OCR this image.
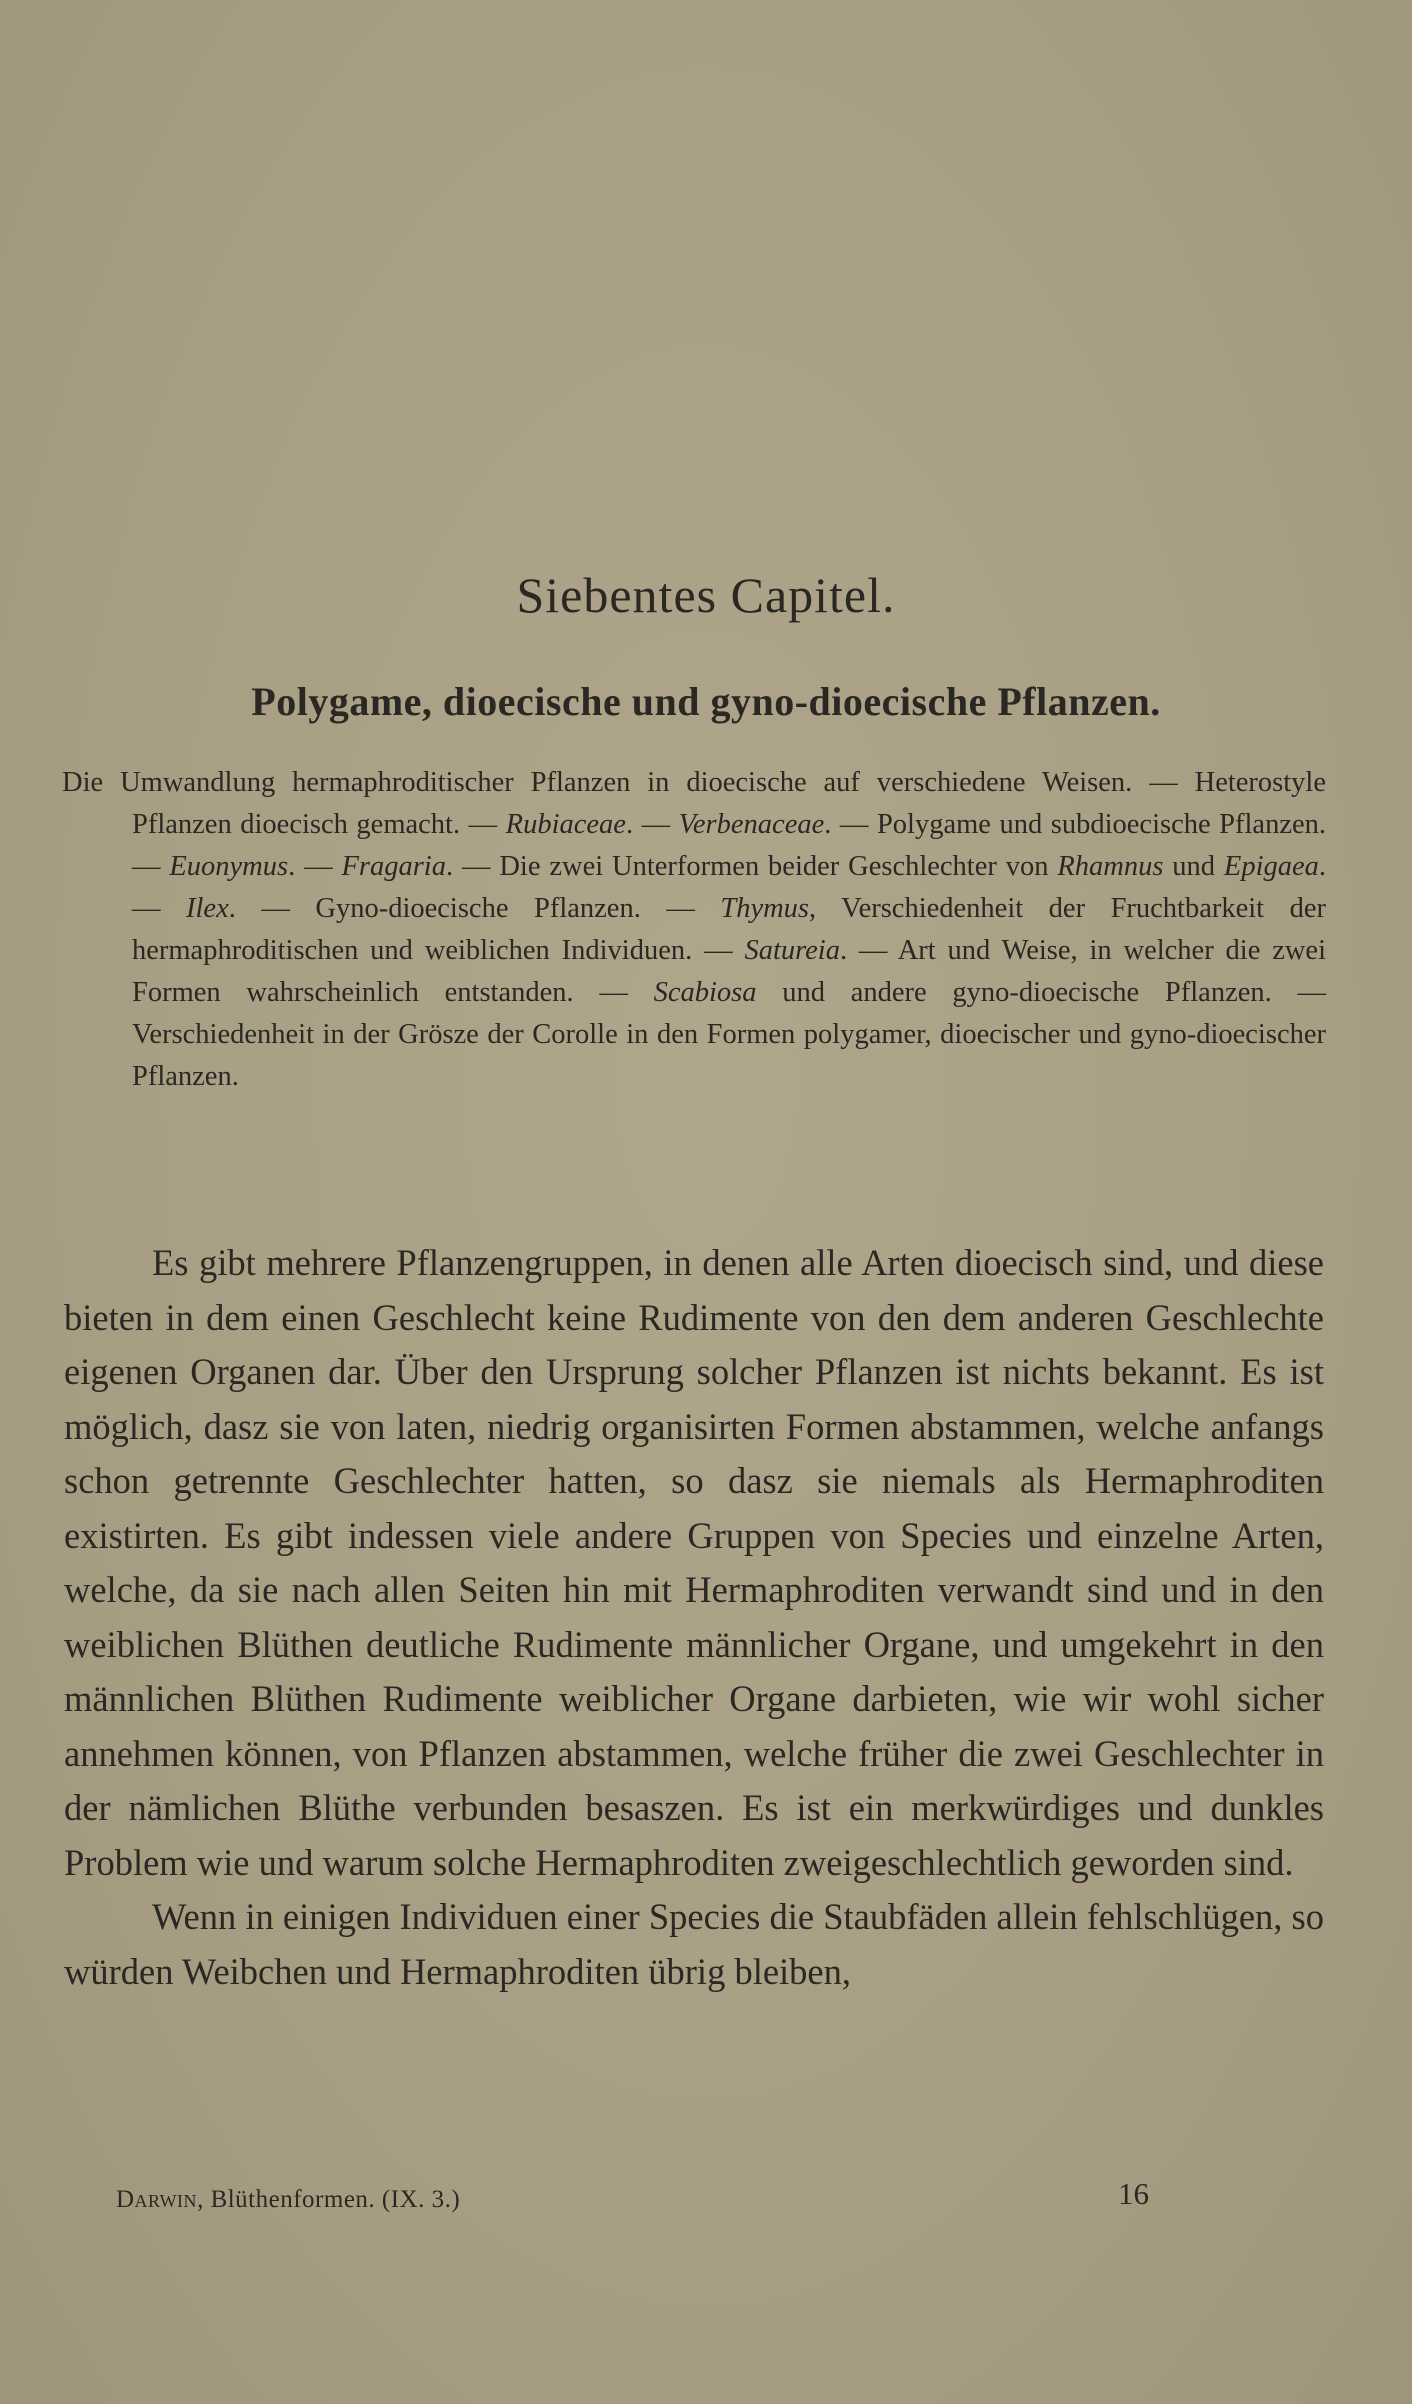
Siebentes Capitel.
Polygame, dioecische und gyno-dioecische Pflanzen.

Die Umwandlung hermaphroditischer Pflanzen in dioecische auf verschiedene Weisen. — Heterostyle Pflanzen dioecisch gemacht. — Rubiaceae. — Verbenaceae. — Polygame und subdioecische Pflanzen. — Euonymus. — Fragaria. — Die zwei Unterformen beider Geschlechter von Rhamnus und Epigaea. — Ilex. — Gyno-dioecische Pflanzen. — Thymus, Verschiedenheit der Fruchtbarkeit der hermaphroditischen und weiblichen Individuen. — Satureia. — Art und Weise, in welcher die zwei Formen wahrscheinlich entstanden. — Scabiosa und andere gyno-dioecische Pflanzen. — Verschiedenheit in der Grösze der Corolle in den Formen polygamer, dioecischer und gyno-dioecischer Pflanzen.

Es gibt mehrere Pflanzengruppen, in denen alle Arten dioecisch sind, und diese bieten in dem einen Geschlecht keine Rudimente von den dem anderen Geschlechte eigenen Organen dar. Über den Ursprung solcher Pflanzen ist nichts bekannt. Es ist möglich, dasz sie von laten, niedrig organisirten Formen abstammen, welche anfangs schon getrennte Geschlechter hatten, so dasz sie niemals als Hermaphroditen existirten. Es gibt indessen viele andere Gruppen von Species und einzelne Arten, welche, da sie nach allen Seiten hin mit Hermaphroditen verwandt sind und in den weiblichen Blüthen deutliche Rudimente männlicher Organe, und umgekehrt in den männlichen Blüthen Rudimente weiblicher Organe darbieten, wie wir wohl sicher annehmen können, von Pflanzen abstammen, welche früher die zwei Geschlechter in der nämlichen Blüthe verbunden besaszen. Es ist ein merkwürdiges und dunkles Problem wie und warum solche Hermaphroditen zweigeschlechtlich geworden sind.

Wenn in einigen Individuen einer Species die Staubfäden allein fehlschlügen, so würden Weibchen und Hermaphroditen übrig bleiben,

Darwin, Blüthenformen. (IX. 3.)	16
